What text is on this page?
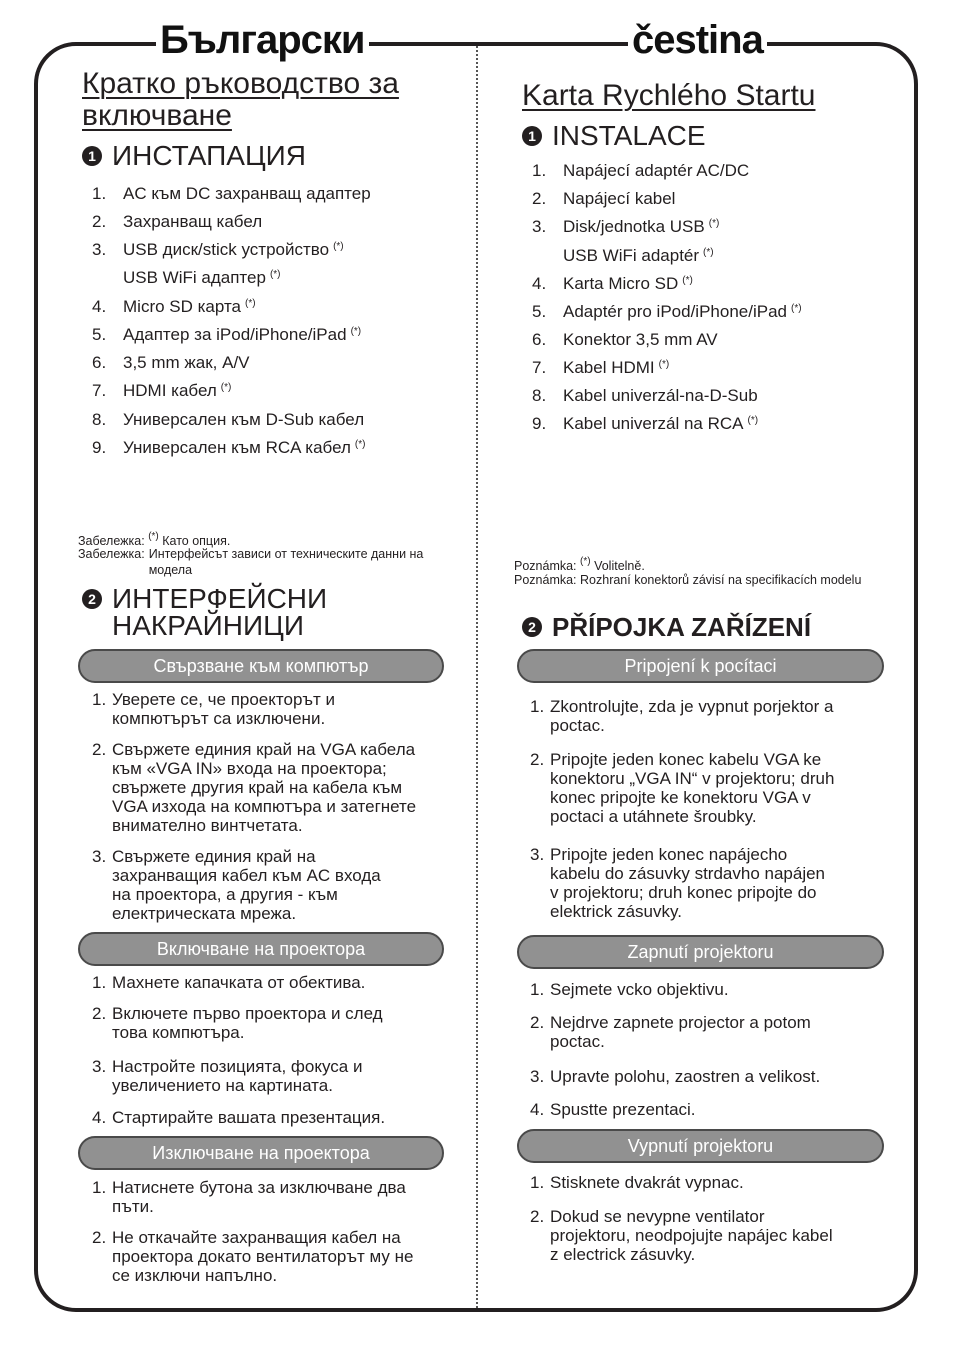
Български
Кратко ръководство за
включване
1 ИНСТАПАЦИЯ
1. AC към DC захранващ адаптер
2. Захранващ кабел
3. USB диск/stick устройство (*)
USB WiFi адаптер (*)
4. Micro SD карта (*)
5. Адаптер за iPod/iPhone/iPad (*)
6. 3,5 mm жак, A/V
7. HDMI кабел (*)
8. Универсален към D-Sub кабел
9. Универсален към RCA кабел (*)
Забележка: (*) Като опция.
Забележка: Интерфейсът зависи от техническите данни на
модела
2 ИНТЕРФЕЙСНИ
НАКРАЙНИЦИ
Свързване към компютър
1. Уверете се, че проекторът и
компютърът са изключени.
2. Свържете единия край на VGA кабела
към «VGA IN» входа на проектора;
свържете другия край на кабела към
VGA изхода на компютъра и затегнете
внимателно винтчетата.
3. Свържете единия край на
захранващия кабел към AC входа
на проектора, а другия - към
електрическата мрежа.
Включване на проектора
1. Махнете капачката от обектива.
2. Включете първо проектора и след
това компютъра.
3. Настройте позицията, фокуса и
увеличението на картината.
4. Стартирайте вашата презентация.
Изключване на проектора
1. Натиснете бутона за изключване два
пъти.
2. Не откачайте захранващия кабел на
проектора докато вентилаторът му не
се изключи напълно.
čestina
Karta Rychlého Startu
1 INSTALACE
1. Napájecí adaptér AC/DC
2. Napájecí kabel
3. Disk/jednotka USB (*)
USB WiFi adaptér (*)
4. Karta Micro SD (*)
5. Adaptér pro iPod/iPhone/iPad (*)
6. Konektor 3,5 mm AV
7. Kabel HDMI (*)
8. Kabel univerzál-na-D-Sub
9. Kabel univerzál na RCA (*)
Poznámka: (*) Volitelně.
Poznámka: Rozhraní konektorů závisí na specifikacích modelu
2 PŘÍPOJKA ZAŘÍZENÍ
Pripojení k pocítaci
1. Zkontrolujte, zda je vypnut porjektor a
poctac.
2. Pripojte jeden konec kabelu VGA ke
konektoru „VGA IN“ v projektoru; druh
konec pripojte ke konektoru VGA v
poctaci a utáhnete šroubky.
3. Pripojte jeden konec napájecho
kabelu do zásuvky strdavho napájen
v projektoru; druh konec pripojte do
elektrick zásuvky.
Zapnutí projektoru
1. Sejmete vcko objektivu.
2. Nejdrve zapnete projector a potom
poctac.
3. Upravte polohu, zaostren a velikost.
4. Spustte prezentaci.
Vypnutí projektoru
1. Stisknete dvakrát vypnac.
2. Dokud se nevypne ventilator
projektoru, neodpojujte napájec kabel
z electrick zásuvky.
